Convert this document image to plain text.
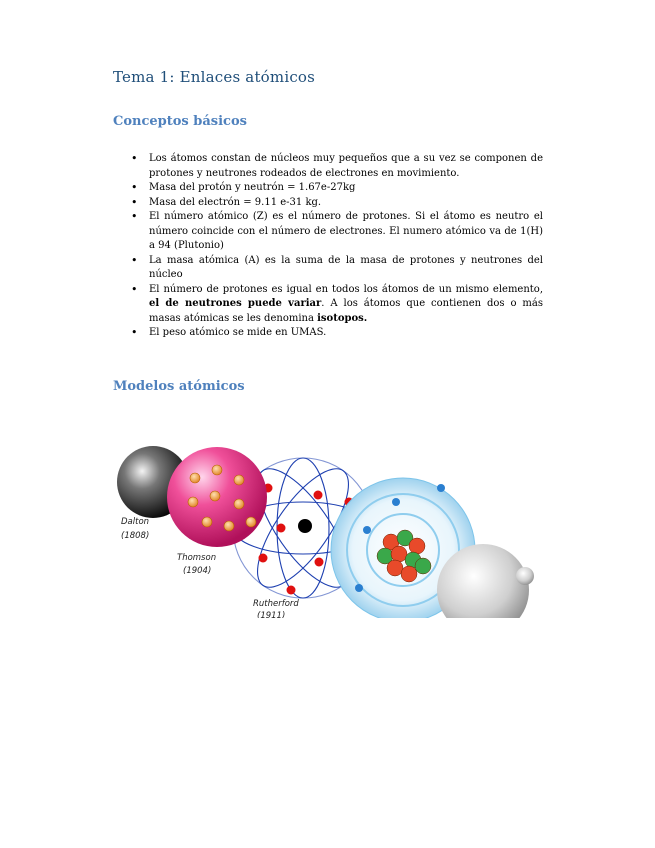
Tema 1: Enlaces atómicos
Conceptos básicos
• Los átomos constan de núcleos muy pequeños que a su vez se componen de protones y neutrones rodeados de electrones en movimiento.
• Masa del protón y neutrón = 1.67e-27kg
• Masa del electrón = 9.11 e-31 kg.
• El número atómico (Z) es el número de protones. Si el átomo es neutro el número coincide con el número de electrones. El numero atómico va de 1(H) a 94 (Plutonio)
• La masa atómica (A) es la suma de la masa de protones y neutrones del núcleo
• El número de protones es igual en todos los átomos de un mismo elemento, el de neutrones puede variar. A los átomos que contienen dos o más masas atómicas se les denomina isotopos.
• El peso atómico se mide en UMAS.
Modelos atómicos
Dalton
(1808)
Thomson
(1904)
Rutherford
(1911)
